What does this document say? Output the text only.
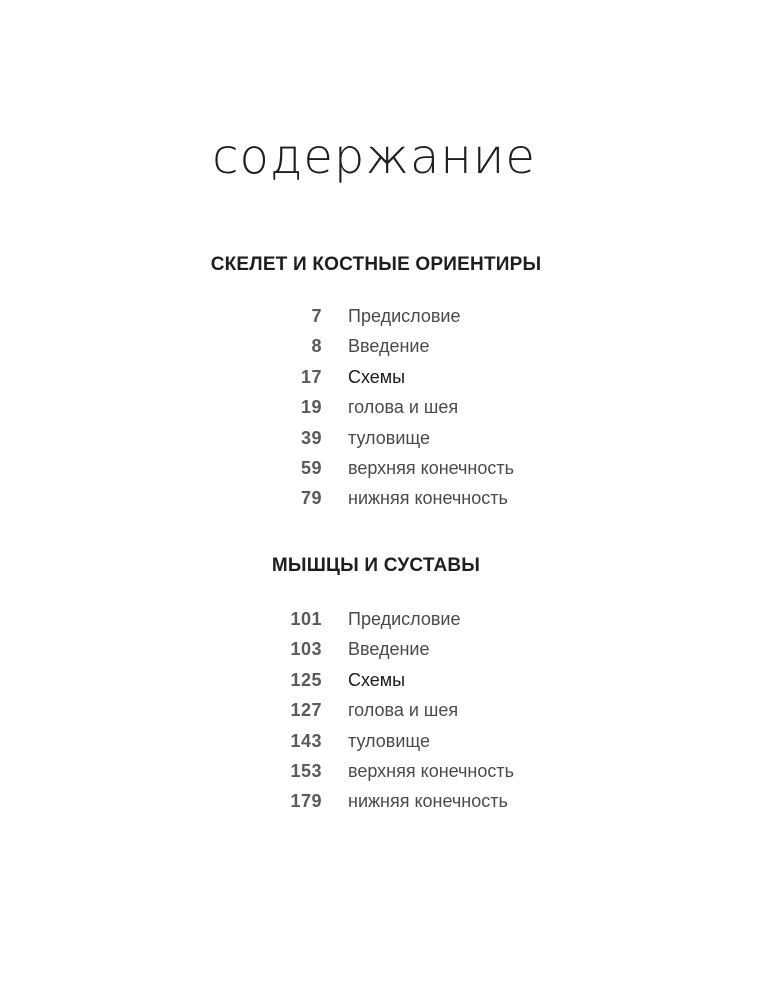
содержание
СКЕЛЕТ И КОСТНЫЕ ОРИЕНТИРЫ
7 Предисловие
8 Введение
17 Схемы
19 голова и шея
39 туловище
59 верхняя конечность
79 нижняя конечность
МЫШЦЫ И СУСТАВЫ
101 Предисловие
103 Введение
125 Схемы
127 голова и шея
143 туловище
153 верхняя конечность
179 нижняя конечность
